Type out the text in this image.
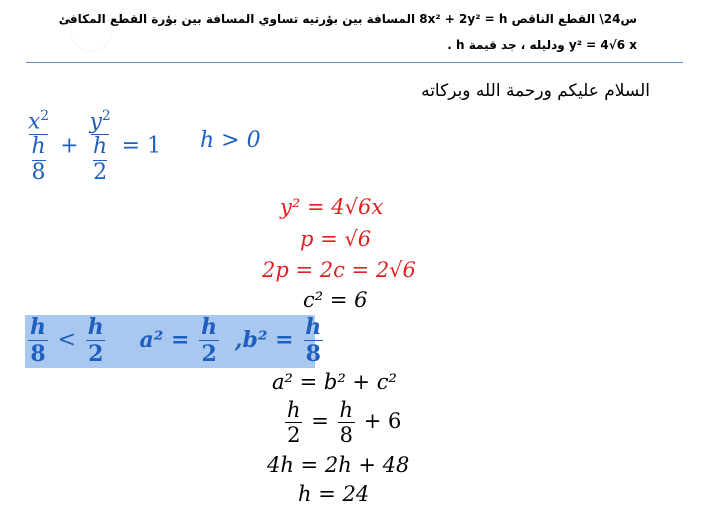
س24\ القطع الناقص 8x² + 2y² = h المسافة بين بؤرتيه تساوي المسافة بين بؤرة القطع المكافئ
y² = 4√6 x ودليله ، جد قيمة h .
السلام عليكم ورحمة الله وبركاته
$x^2$
h
$8 + y^2$
h
2 = 1 h > 0
y² = 4√6x
p = √6
2p = 2c = 2√6
c² = 6
$\frac{h}{8} < \frac{h}{2} a^2 = \frac{h}{2} ,b^2 = \frac{h}{8}$
a² = b² + c²
$\frac{h}{2} = \frac{h}{8} + 6$
4h = 2h + 48
h = 24
